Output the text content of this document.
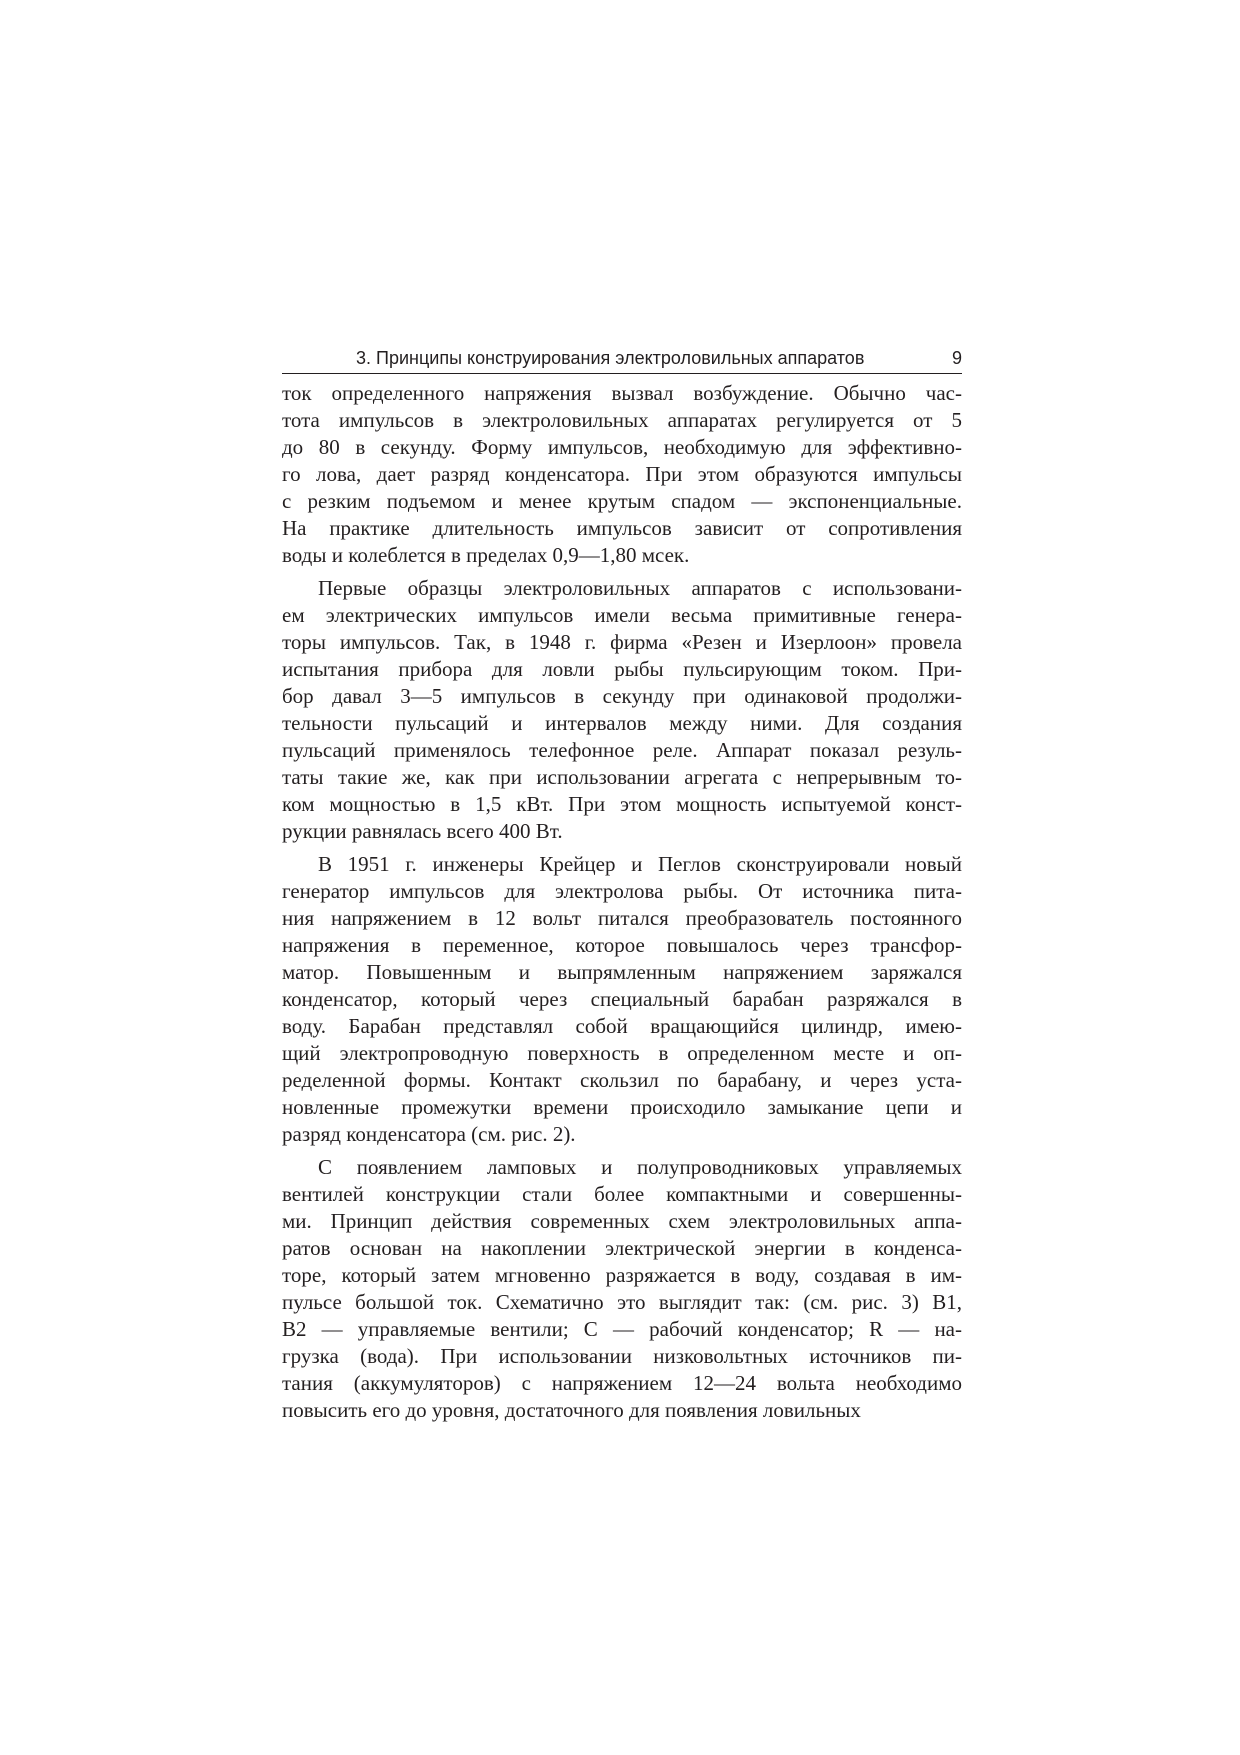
3. Принципы конструирования электроловильных аппаратов	9

ток определенного напряжения вызвал возбуждение. Обычно час-
тота импульсов в электроловильных аппаратах регулируется от 5
до 80 в секунду. Форму импульсов, необходимую для эффективно-
го лова, дает разряд конденсатора. При этом образуются импульсы
с резким подъемом и менее крутым спадом — экспоненциальные.
На практике длительность импульсов зависит от сопротивления
воды и колеблется в пределах 0,9—1,80 мсек.

Первые образцы электроловильных аппаратов с использовани-
ем электрических импульсов имели весьма примитивные генера-
торы импульсов. Так, в 1948 г. фирма «Резен и Изерлоон» провела
испытания прибора для ловли рыбы пульсирующим током. При-
бор давал 3—5 импульсов в секунду при одинаковой продолжи-
тельности пульсаций и интервалов между ними. Для создания
пульсаций применялось телефонное реле. Аппарат показал резуль-
таты такие же, как при использовании агрегата с непрерывным то-
ком мощностью в 1,5 кВт. При этом мощность испытуемой конст-
рукции равнялась всего 400 Вт.

В 1951 г. инженеры Крейцер и Пеглов сконструировали новый
генератор импульсов для электролова рыбы. От источника пита-
ния напряжением в 12 вольт питался преобразователь постоянного
напряжения в переменное, которое повышалось через трансфор-
матор. Повышенным и выпрямленным напряжением заряжался
конденсатор, который через специальный барабан разряжался в
воду. Барабан представлял собой вращающийся цилиндр, имею-
щий электропроводную поверхность в определенном месте и оп-
ределенной формы. Контакт скользил по барабану, и через уста-
новленные промежутки времени происходило замыкание цепи и
разряд конденсатора (см. рис. 2).

С появлением ламповых и полупроводниковых управляемых
вентилей конструкции стали более компактными и совершенны-
ми. Принцип действия современных схем электроловильных аппа-
ратов основан на накоплении электрической энергии в конденса-
торе, который затем мгновенно разряжается в воду, создавая в им-
пульсе большой ток. Схематично это выглядит так: (см. рис. 3) B1,
B2 — управляемые вентили; C — рабочий конденсатор; R — на-
грузка (вода). При использовании низковольтных источников пи-
тания (аккумуляторов) с напряжением 12—24 вольта необходимо
повысить его до уровня, достаточного для появления ловильных
